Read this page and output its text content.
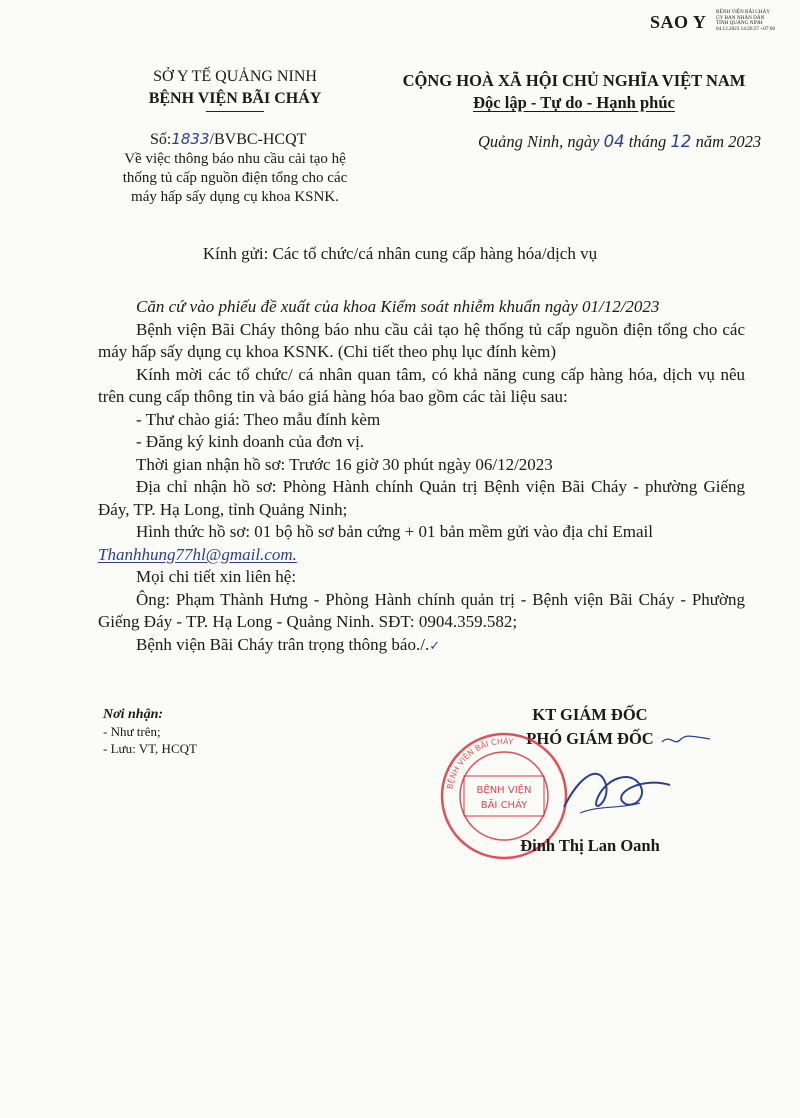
SAO Y BỆNH VIỆN BÃI CHÁY
ỦY BAN NHÂN DÂN
TỈNH QUẢNG NINH
04.12.2023 14:26:37 +07:00
SỞ Y TẾ QUẢNG NINH
BỆNH VIỆN BÃI CHÁY
CỘNG HOÀ XÃ HỘI CHỦ NGHĨA VIỆT NAM
Độc lập - Tự do - Hạnh phúc
Số:1833/BVBC-HCQT
Về việc thông báo nhu cầu cải tạo hệ thống tủ cấp nguồn điện tổng cho các máy hấp sấy dụng cụ khoa KSNK.
Quảng Ninh, ngày 04 tháng 12 năm 2023
Kính gửi: Các tổ chức/cá nhân cung cấp hàng hóa/dịch vụ

Căn cứ vào phiếu đề xuất của khoa Kiểm soát nhiễm khuẩn ngày 01/12/2023

Bệnh viện Bãi Cháy thông báo nhu cầu cải tạo hệ thống tủ cấp nguồn điện tổng cho các máy hấp sấy dụng cụ khoa KSNK. (Chi tiết theo phụ lục đính kèm)

Kính mời các tổ chức/ cá nhân quan tâm, có khả năng cung cấp hàng hóa, dịch vụ nêu trên cung cấp thông tin và báo giá hàng hóa bao gồm các tài liệu sau:

- Thư chào giá: Theo mẫu đính kèm

- Đăng ký kinh doanh của đơn vị.

Thời gian nhận hồ sơ: Trước 16 giờ 30 phút ngày 06/12/2023

Địa chỉ nhận hồ sơ: Phòng Hành chính Quản trị Bệnh viện Bãi Cháy - phường Giếng Đáy, TP. Hạ Long, tỉnh Quảng Ninh;

Hình thức hồ sơ: 01 bộ hồ sơ bản cứng + 01 bản mềm gửi vào địa chỉ Email

Thanhhung77hl@gmail.com.

Mọi chi tiết xin liên hệ:

Ông: Phạm Thành Hưng - Phòng Hành chính quản trị - Bệnh viện Bãi Cháy - Phường Giếng Đáy - TP. Hạ Long - Quảng Ninh. SĐT: 0904.359.582;

Bệnh viện Bãi Cháy trân trọng thông báo./.✓

Nơi nhận:
- Như trên;
- Lưu: VT, HCQT
KT GIÁM ĐỐC
PHÓ GIÁM ĐỐC
BỆNH VIỆN BÃI CHÁY
BỆNH VIỆN
BÃI CHÁY
Đinh Thị Lan Oanh
